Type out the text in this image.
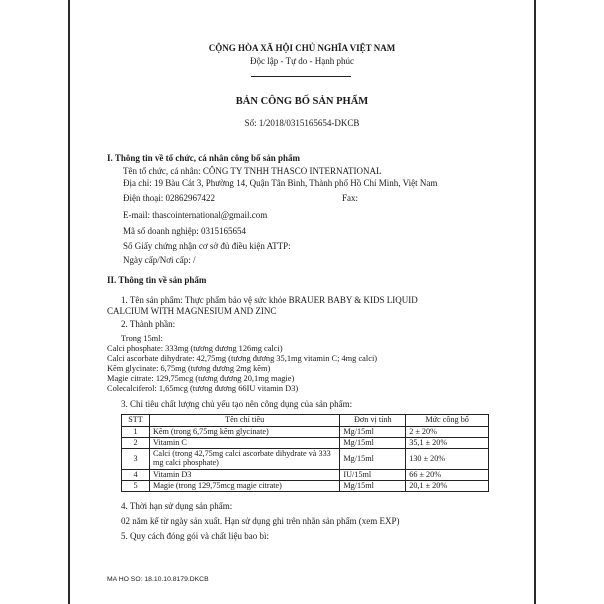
CỘNG HÒA XÃ HỘI CHỦ NGHĨA VIỆT NAM
Độc lập - Tự do - Hạnh phúc
BẢN CÔNG BỐ SẢN PHẨM
Số: 1/2018/0315165654-DKCB
I. Thông tin về tổ chức, cá nhân công bố sản phẩm
Tên tổ chức, cá nhân: CÔNG TY TNHH THASCO INTERNATIONAL
Địa chỉ: 19 Bàu Cát 3, Phường 14, Quận Tân Bình, Thành phố Hồ Chí Minh, Việt Nam
Điện thoại: 02862967422	Fax:
E-mail: thascointernational@gmail.com
Mã số doanh nghiệp: 0315165654
Số Giấy chứng nhận cơ sở đủ điều kiện ATTP:
Ngày cấp/Nơi cấp: /
II. Thông tin về sản phẩm
1. Tên sản phẩm: Thực phẩm bảo vệ sức khỏe BRAUER BABY & KIDS LIQUID
CALCIUM WITH MAGNESIUM AND ZINC
2. Thành phần:
Trong 15ml:
Calci phosphate: 333mg (tương đương 126mg calci)
Calci ascorbate dihydrate: 42,75mg (tương đương 35,1mg vitamin C; 4mg calci)
Kẽm glycinate: 6,75mg (tương đương 2mg kẽm)
Magie citrate: 129,75mcg (tương đương 20,1mg magie)
Colecalciferol: 1,65mcg (tương đương 66IU vitamin D3)
3. Chỉ tiêu chất lượng chủ yếu tạo nên công dụng của sản phẩm:
STT	Tên chỉ tiêu	Đơn vị tính	Mức công bố
1	Kẽm (trong 6,75mg kẽm glycinate)	Mg/15ml	2 ± 20%
2	Vitamin C	Mg/15ml	35,1 ± 20%
3	Calci (trong 42,75mg calci ascorbate dihydrate và 333 mg calci phosphate)	Mg/15ml	130 ± 20%
4	Vitamin D3	IU/15ml	66 ± 20%
5	Magie (trong 129,75mcg magie citrate)	Mg/15ml	20,1 ± 20%
4. Thời hạn sử dụng sản phẩm:
02 năm kể từ ngày sản xuất. Hạn sử dụng ghi trên nhãn sản phẩm (xem EXP)
5. Quy cách đóng gói và chất liệu bao bì:
MA HO SO: 18.10.10.8179.DKCB
